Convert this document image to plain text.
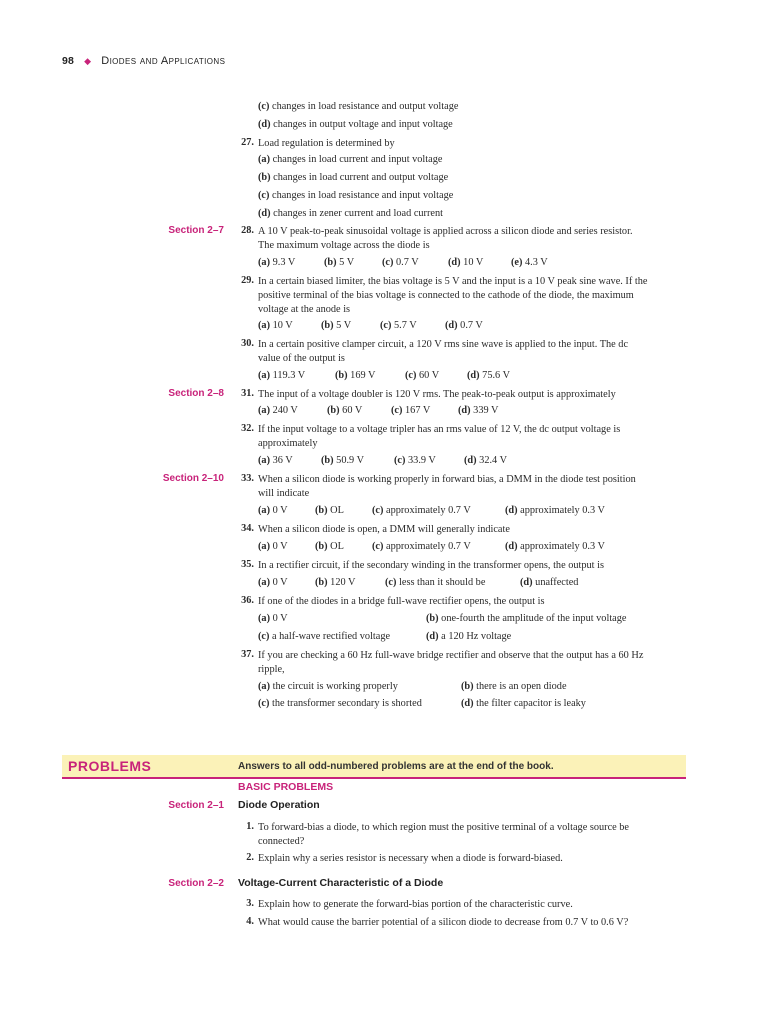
98 ◆ Diodes and Applications
(c) changes in load resistance and output voltage
(d) changes in output voltage and input voltage
27. Load regulation is determined by
(a) changes in load current and input voltage
(b) changes in load current and output voltage
(c) changes in load resistance and input voltage
(d) changes in zener current and load current
Section 2–7	28. A 10 V peak-to-peak sinusoidal voltage is applied across a silicon diode and series resistor.
The maximum voltage across the diode is
(a) 9.3 V	(b) 5 V	(c) 0.7 V	(d) 10 V	(e) 4.3 V
29. In a certain biased limiter, the bias voltage is 5 V and the input is a 10 V peak sine wave. If the
positive terminal of the bias voltage is connected to the cathode of the diode, the maximum
voltage at the anode is
(a) 10 V	(b) 5 V	(c) 5.7 V	(d) 0.7 V
30. In a certain positive clamper circuit, a 120 V rms sine wave is applied to the input. The dc
value of the output is
(a) 119.3 V	(b) 169 V	(c) 60 V	(d) 75.6 V
Section 2–8	31. The input of a voltage doubler is 120 V rms. The peak-to-peak output is approximately
(a) 240 V	(b) 60 V	(c) 167 V	(d) 339 V
32. If the input voltage to a voltage tripler has an rms value of 12 V, the dc output voltage is
approximately
(a) 36 V	(b) 50.9 V	(c) 33.9 V	(d) 32.4 V
Section 2–10	33. When a silicon diode is working properly in forward bias, a DMM in the diode test position
will indicate
(a) 0 V	(b) OL	(c) approximately 0.7 V	(d) approximately 0.3 V
34. When a silicon diode is open, a DMM will generally indicate
(a) 0 V	(b) OL	(c) approximately 0.7 V	(d) approximately 0.3 V
35. In a rectifier circuit, if the secondary winding in the transformer opens, the output is
(a) 0 V	(b) 120 V	(c) less than it should be	(d) unaffected
36. If one of the diodes in a bridge full-wave rectifier opens, the output is
(a) 0 V	(b) one-fourth the amplitude of the input voltage
(c) a half-wave rectified voltage	(d) a 120 Hz voltage
37. If you are checking a 60 Hz full-wave bridge rectifier and observe that the output has a 60 Hz
ripple,
(a) the circuit is working properly	(b) there is an open diode
(c) the transformer secondary is shorted	(d) the filter capacitor is leaky
PROBLEMS	Answers to all odd-numbered problems are at the end of the book.
BASIC PROBLEMS
Section 2–1 Diode Operation
1. To forward-bias a diode, to which region must the positive terminal of a voltage source be
connected?
2. Explain why a series resistor is necessary when a diode is forward-biased.
Section 2–2 Voltage-Current Characteristic of a Diode
3. Explain how to generate the forward-bias portion of the characteristic curve.
4. What would cause the barrier potential of a silicon diode to decrease from 0.7 V to 0.6 V?
